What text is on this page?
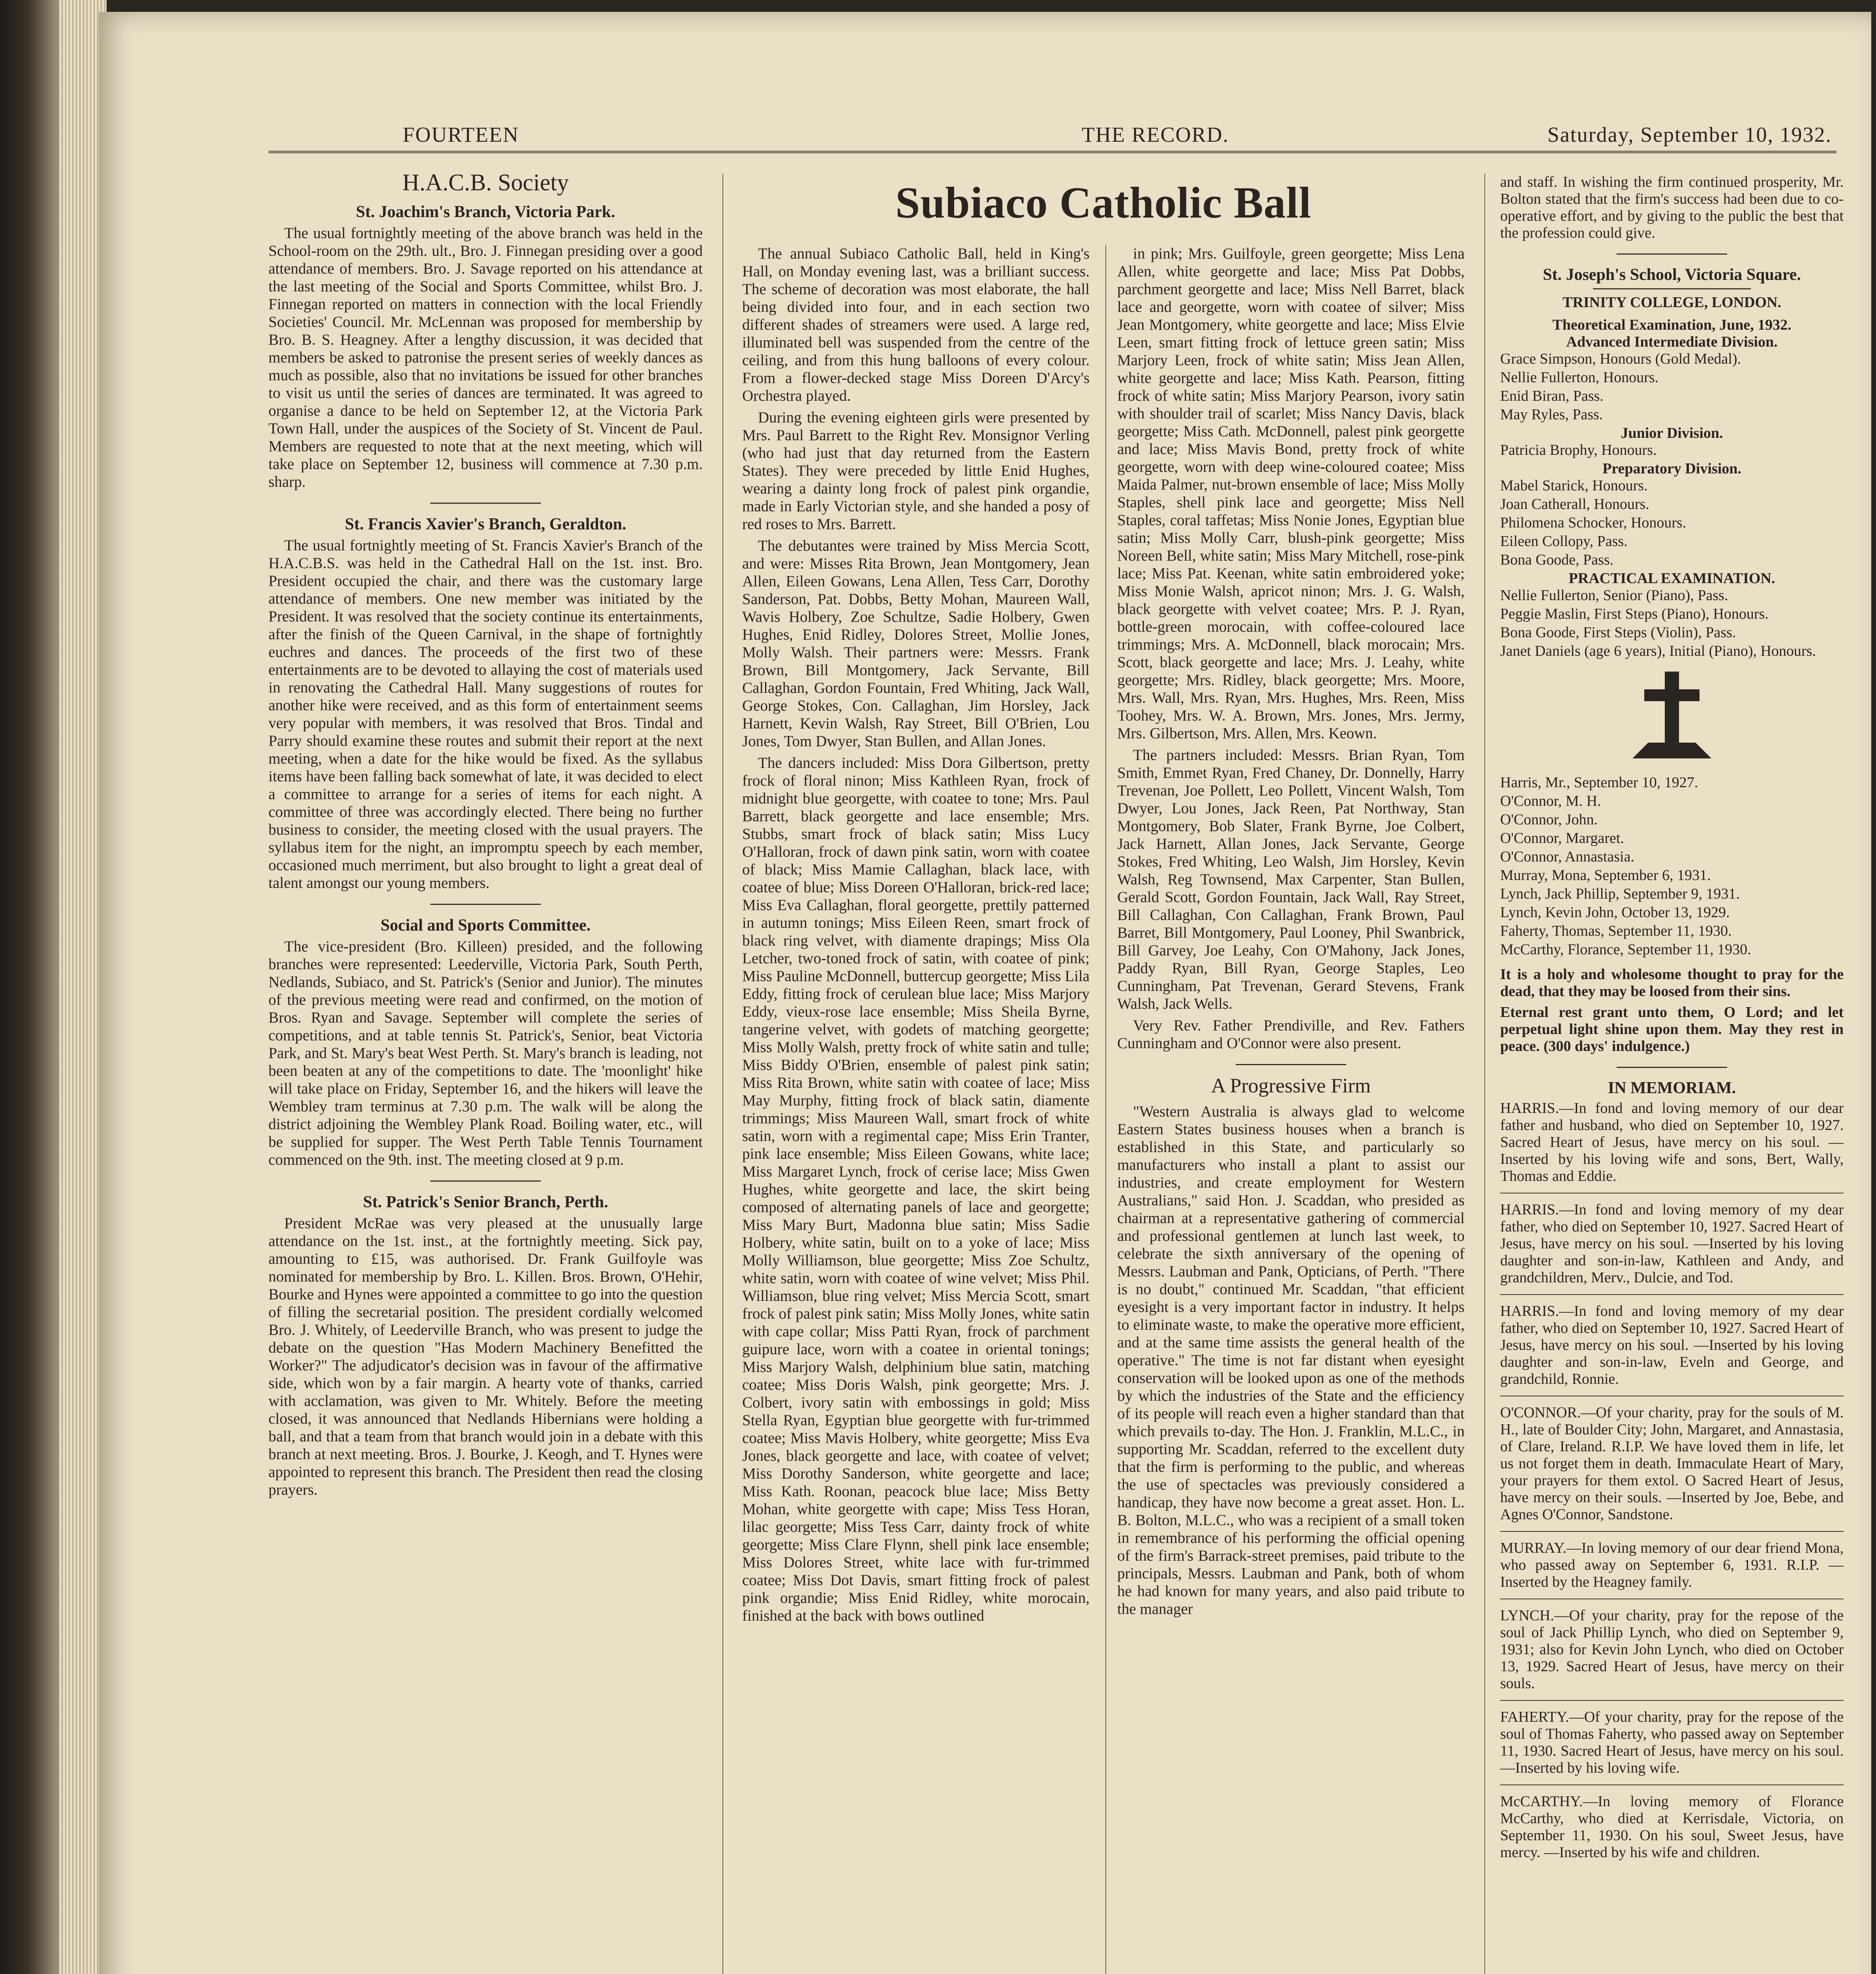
FOURTEEN	THE RECORD.	Saturday, September 10, 1932.
H.A.C.B. Society
St. Joachim's Branch, Victoria Park.

The usual fortnightly meeting of the above branch was held in the School-room on the 29th. ult., Bro. J. Finnegan presiding over a good attendance of members. Bro. J. Savage reported on his attendance at the last meeting of the Social and Sports Committee, whilst Bro. J. Finnegan reported on matters in connection with the local Friendly Societies' Council. Mr. McLennan was proposed for membership by Bro. B. S. Heagney. After a lengthy discussion, it was decided that members be asked to patronise the present series of weekly dances as much as possible, also that no invitations be issued for other branches to visit us until the series of dances are terminated. It was agreed to organise a dance to be held on September 12, at the Victoria Park Town Hall, under the auspices of the Society of St. Vincent de Paul. Members are requested to note that at the next meeting, which will take place on September 12, business will commence at 7.30 p.m. sharp.

St. Francis Xavier's Branch, Geraldton.

The usual fortnightly meeting of St. Francis Xavier's Branch of the H.A.C.B.S. was held in the Cathedral Hall on the 1st. inst. Bro. President occupied the chair, and there was the customary large attendance of members. One new member was initiated by the President. It was resolved that the society continue its entertainments, after the finish of the Queen Carnival, in the shape of fortnightly euchres and dances. The proceeds of the first two of these entertainments are to be devoted to allaying the cost of materials used in renovating the Cathedral Hall. Many suggestions of routes for another hike were received, and as this form of entertainment seems very popular with members, it was resolved that Bros. Tindal and Parry should examine these routes and submit their report at the next meeting, when a date for the hike would be fixed. As the syllabus items have been falling back somewhat of late, it was decided to elect a committee to arrange for a series of items for each night. A committee of three was accordingly elected. There being no further business to consider, the meeting closed with the usual prayers. The syllabus item for the night, an impromptu speech by each member, occasioned much merriment, but also brought to light a great deal of talent amongst our young members.

Social and Sports Committee.

The vice-president (Bro. Killeen) presided, and the following branches were represented: Leederville, Victoria Park, South Perth, Nedlands, Subiaco, and St. Patrick's (Senior and Junior). The minutes of the previous meeting were read and confirmed, on the motion of Bros. Ryan and Savage. September will complete the series of competitions, and at table tennis St. Patrick's, Senior, beat Victoria Park, and St. Mary's beat West Perth. St. Mary's branch is leading, not been beaten at any of the competitions to date. The 'moonlight' hike will take place on Friday, September 16, and the hikers will leave the Wembley tram terminus at 7.30 p.m. The walk will be along the district adjoining the Wembley Plank Road. Boiling water, etc., will be supplied for supper. The West Perth Table Tennis Tournament commenced on the 9th. inst. The meeting closed at 9 p.m.

St. Patrick's Senior Branch, Perth.

President McRae was very pleased at the unusually large attendance on the 1st. inst., at the fortnightly meeting. Sick pay, amounting to £15, was authorised. Dr. Frank Guilfoyle was nominated for membership by Bro. L. Killen. Bros. Brown, O'Hehir, Bourke and Hynes were appointed a committee to go into the question of filling the secretarial position. The president cordially welcomed Bro. J. Whitely, of Leederville Branch, who was present to judge the debate on the question "Has Modern Machinery Benefitted the Worker?" The adjudicator's decision was in favour of the affirmative side, which won by a fair margin. A hearty vote of thanks, carried with acclamation, was given to Mr. Whitely. Before the meeting closed, it was announced that Nedlands Hibernians were holding a ball, and that a team from that branch would join in a debate with this branch at next meeting. Bros. J. Bourke, J. Keogh, and T. Hynes were appointed to represent this branch. The President then read the closing prayers.

Subiaco Catholic Ball

The annual Subiaco Catholic Ball, held in King's Hall, on Monday evening last, was a brilliant success. The scheme of decoration was most elaborate, the hall being divided into four, and in each section two different shades of streamers were used. A large red, illuminated bell was suspended from the centre of the ceiling, and from this hung balloons of every colour. From a flower-decked stage Miss Doreen D'Arcy's Orchestra played.

During the evening eighteen girls were presented by Mrs. Paul Barrett to the Right Rev. Monsignor Verling (who had just that day returned from the Eastern States). They were preceded by little Enid Hughes, wearing a dainty long frock of palest pink organdie, made in Early Victorian style, and she handed a posy of red roses to Mrs. Barrett.

The debutantes were trained by Miss Mercia Scott, and were: Misses Rita Brown, Jean Montgomery, Jean Allen, Eileen Gowans, Lena Allen, Tess Carr, Dorothy Sanderson, Pat. Dobbs, Betty Mohan, Maureen Wall, Wavis Holbery, Zoe Schultze, Sadie Holbery, Gwen Hughes, Enid Ridley, Dolores Street, Mollie Jones, Molly Walsh. Their partners were: Messrs. Frank Brown, Bill Montgomery, Jack Servante, Bill Callaghan, Gordon Fountain, Fred Whiting, Jack Wall, George Stokes, Con. Callaghan, Jim Horsley, Jack Harnett, Kevin Walsh, Ray Street, Bill O'Brien, Lou Jones, Tom Dwyer, Stan Bullen, and Allan Jones.

The dancers included: Miss Dora Gilbertson, pretty frock of floral ninon; Miss Kathleen Ryan, frock of midnight blue georgette, with coatee to tone; Mrs. Paul Barrett, black georgette and lace ensemble; Mrs. Stubbs, smart frock of black satin; Miss Lucy O'Halloran, frock of dawn pink satin, worn with coatee of black; Miss Mamie Callaghan, black lace, with coatee of blue; Miss Doreen O'Halloran, brick-red lace; Miss Eva Callaghan, floral georgette, prettily patterned in autumn tonings; Miss Eileen Reen, smart frock of black ring velvet, with diamente drapings; Miss Ola Letcher, two-toned frock of satin, with coatee of pink; Miss Pauline McDonnell, buttercup georgette; Miss Lila Eddy, fitting frock of cerulean blue lace; Miss Marjory Eddy, vieux-rose lace ensemble; Miss Sheila Byrne, tangerine velvet, with godets of matching georgette; Miss Molly Walsh, pretty frock of white satin and tulle; Miss Biddy O'Brien, ensemble of palest pink satin; Miss Rita Brown, white satin with coatee of lace; Miss May Murphy, fitting frock of black satin, diamente trimmings; Miss Maureen Wall, smart frock of white satin, worn with a regimental cape; Miss Erin Tranter, pink lace ensemble; Miss Eileen Gowans, white lace; Miss Margaret Lynch, frock of cerise lace; Miss Gwen Hughes, white georgette and lace, the skirt being composed of alternating panels of lace and georgette; Miss Mary Burt, Madonna blue satin; Miss Sadie Holbery, white satin, built on to a yoke of lace; Miss Molly Williamson, blue georgette; Miss Zoe Schultz, white satin, worn with coatee of wine velvet; Miss Phil. Williamson, blue ring velvet; Miss Mercia Scott, smart frock of palest pink satin; Miss Molly Jones, white satin with cape collar; Miss Patti Ryan, frock of parchment guipure lace, worn with a coatee in oriental tonings; Miss Marjory Walsh, delphinium blue satin, matching coatee; Miss Doris Walsh, pink georgette; Mrs. J. Colbert, ivory satin with embossings in gold; Miss Stella Ryan, Egyptian blue georgette with fur-trimmed coatee; Miss Mavis Holbery, white georgette; Miss Eva Jones, black georgette and lace, with coatee of velvet; Miss Dorothy Sanderson, white georgette and lace; Miss Kath. Roonan, peacock blue lace; Miss Betty Mohan, white georgette with cape; Miss Tess Horan, lilac georgette; Miss Tess Carr, dainty frock of white georgette; Miss Clare Flynn, shell pink lace ensemble; Miss Dolores Street, white lace with fur-trimmed coatee; Miss Dot Davis, smart fitting frock of palest pink organdie; Miss Enid Ridley, white morocain, finished at the back with bows outlined

in pink; Mrs. Guilfoyle, green georgette; Miss Lena Allen, white georgette and lace; Miss Pat Dobbs, parchment georgette and lace; Miss Nell Barret, black lace and georgette, worn with coatee of silver; Miss Jean Montgomery, white georgette and lace; Miss Elvie Leen, smart fitting frock of lettuce green satin; Miss Marjory Leen, frock of white satin; Miss Jean Allen, white georgette and lace; Miss Kath. Pearson, fitting frock of white satin; Miss Marjory Pearson, ivory satin with shoulder trail of scarlet; Miss Nancy Davis, black georgette; Miss Cath. McDonnell, palest pink georgette and lace; Miss Mavis Bond, pretty frock of white georgette, worn with deep wine-coloured coatee; Miss Maida Palmer, nut-brown ensemble of lace; Miss Molly Staples, shell pink lace and georgette; Miss Nell Staples, coral taffetas; Miss Nonie Jones, Egyptian blue satin; Miss Molly Carr, blush-pink georgette; Miss Noreen Bell, white satin; Miss Mary Mitchell, rose-pink lace; Miss Pat. Keenan, white satin embroidered yoke; Miss Monie Walsh, apricot ninon; Mrs. J. G. Walsh, black georgette with velvet coatee; Mrs. P. J. Ryan, bottle-green morocain, with coffee-coloured lace trimmings; Mrs. A. McDonnell, black morocain; Mrs. Scott, black georgette and lace; Mrs. J. Leahy, white georgette; Mrs. Ridley, black georgette; Mrs. Moore, Mrs. Wall, Mrs. Ryan, Mrs. Hughes, Mrs. Reen, Miss Toohey, Mrs. W. A. Brown, Mrs. Jones, Mrs. Jermy, Mrs. Gilbertson, Mrs. Allen, Mrs. Keown.

The partners included: Messrs. Brian Ryan, Tom Smith, Emmet Ryan, Fred Chaney, Dr. Donnelly, Harry Trevenan, Joe Pollett, Leo Pollett, Vincent Walsh, Tom Dwyer, Lou Jones, Jack Reen, Pat Northway, Stan Montgomery, Bob Slater, Frank Byrne, Joe Colbert, Jack Harnett, Allan Jones, Jack Servante, George Stokes, Fred Whiting, Leo Walsh, Jim Horsley, Kevin Walsh, Reg Townsend, Max Carpenter, Stan Bullen, Gerald Scott, Gordon Fountain, Jack Wall, Ray Street, Bill Callaghan, Con Callaghan, Frank Brown, Paul Barret, Bill Montgomery, Paul Looney, Phil Swanbrick, Bill Garvey, Joe Leahy, Con O'Mahony, Jack Jones, Paddy Ryan, Bill Ryan, George Staples, Leo Cunningham, Pat Trevenan, Gerard Stevens, Frank Walsh, Jack Wells.

Very Rev. Father Prendiville, and Rev. Fathers Cunningham and O'Connor were also present.

A Progressive Firm

"Western Australia is always glad to welcome Eastern States business houses when a branch is established in this State, and particularly so manufacturers who install a plant to assist our industries, and create employment for Western Australians," said Hon. J. Scaddan, who presided as chairman at a representative gathering of commercial and professional gentlemen at lunch last week, to celebrate the sixth anniversary of the opening of Messrs. Laubman and Pank, Opticians, of Perth. "There is no doubt," continued Mr. Scaddan, "that efficient eyesight is a very important factor in industry. It helps to eliminate waste, to make the operative more efficient, and at the same time assists the general health of the operative." The time is not far distant when eyesight conservation will be looked upon as one of the methods by which the industries of the State and the efficiency of its people will reach even a higher standard than that which prevails to-day. The Hon. J. Franklin, M.L.C., in supporting Mr. Scaddan, referred to the excellent duty that the firm is performing to the public, and whereas the use of spectacles was previously considered a handicap, they have now become a great asset. Hon. L. B. Bolton, M.L.C., who was a recipient of a small token in remembrance of his performing the official opening of the firm's Barrack-street premises, paid tribute to the principals, Messrs. Laubman and Pank, both of whom he had known for many years, and also paid tribute to the manager

and staff. In wishing the firm continued prosperity, Mr. Bolton stated that the firm's success had been due to co-operative effort, and by giving to the public the best that the profession could give.

St. Joseph's School, Victoria Square.
TRINITY COLLEGE, LONDON.
Theoretical Examination, June, 1932.
Advanced Intermediate Division.
Grace Simpson, Honours (Gold Medal).
Nellie Fullerton, Honours.
Enid Biran, Pass.
May Ryles, Pass.
Junior Division.
Patricia Brophy, Honours.
Preparatory Division.
Mabel Starick, Honours.
Joan Catherall, Honours.
Philomena Schocker, Honours.
Eileen Collopy, Pass.
Bona Goode, Pass.
PRACTICAL EXAMINATION.
Nellie Fullerton, Senior (Piano), Pass.
Peggie Maslin, First Steps (Piano), Honours.
Bona Goode, First Steps (Violin), Pass.
Janet Daniels (age 6 years), Initial (Piano), Honours.
Harris, Mr., September 10, 1927.
O'Connor, M. H.
O'Connor, John.
O'Connor, Margaret.
O'Connor, Annastasia.
Murray, Mona, September 6, 1931.
Lynch, Jack Phillip, September 9, 1931.
Lynch, Kevin John, October 13, 1929.
Faherty, Thomas, September 11, 1930.
McCarthy, Florance, September 11, 1930.

It is a holy and wholesome thought to pray for the dead, that they may be loosed from their sins.

Eternal rest grant unto them, O Lord; and let perpetual light shine upon them. May they rest in peace. (300 days' indulgence.)

IN MEMORIAM.

HARRIS.—In fond and loving memory of our dear father and husband, who died on September 10, 1927. Sacred Heart of Jesus, have mercy on his soul. —Inserted by his loving wife and sons, Bert, Wally, Thomas and Eddie.

HARRIS.—In fond and loving memory of my dear father, who died on September 10, 1927. Sacred Heart of Jesus, have mercy on his soul. —Inserted by his loving daughter and son-in-law, Kathleen and Andy, and grandchildren, Merv., Dulcie, and Tod.

HARRIS.—In fond and loving memory of my dear father, who died on September 10, 1927. Sacred Heart of Jesus, have mercy on his soul. —Inserted by his loving daughter and son-in-law, Eveln and George, and grandchild, Ronnie.

O'CONNOR.—Of your charity, pray for the souls of M. H., late of Boulder City; John, Margaret, and Annastasia, of Clare, Ireland. R.I.P. We have loved them in life, let us not forget them in death. Immaculate Heart of Mary, your prayers for them extol. O Sacred Heart of Jesus, have mercy on their souls. —Inserted by Joe, Bebe, and Agnes O'Connor, Sandstone.

MURRAY.—In loving memory of our dear friend Mona, who passed away on September 6, 1931. R.I.P. —Inserted by the Heagney family.

LYNCH.—Of your charity, pray for the repose of the soul of Jack Phillip Lynch, who died on September 9, 1931; also for Kevin John Lynch, who died on October 13, 1929. Sacred Heart of Jesus, have mercy on their souls.

FAHERTY.—Of your charity, pray for the repose of the soul of Thomas Faherty, who passed away on September 11, 1930. Sacred Heart of Jesus, have mercy on his soul. —Inserted by his loving wife.

McCARTHY.—In loving memory of Florance McCarthy, who died at Kerrisdale, Victoria, on September 11, 1930. On his soul, Sweet Jesus, have mercy. —Inserted by his wife and children.
